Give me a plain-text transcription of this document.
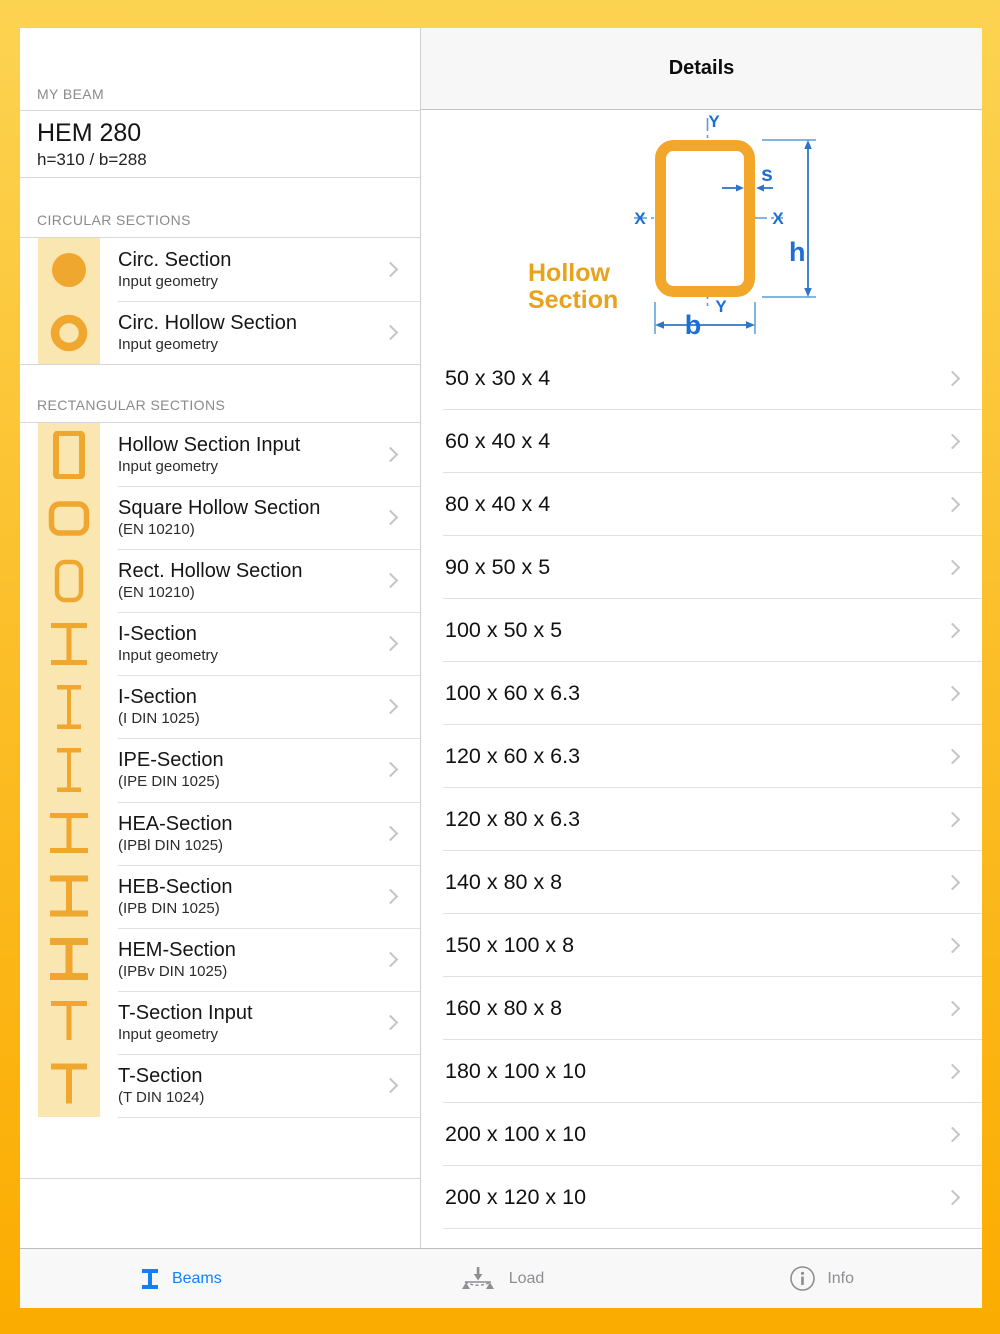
MY BEAM
HEM 280
h=310 / b=288
CIRCULAR SECTIONS
Circ. Section
Input geometry
Circ. Hollow Section
Input geometry
RECTANGULAR SECTIONS
Hollow Section Input
Input geometry
Square Hollow Section
(EN 10210)
Rect. Hollow Section
(EN 10210)
I-Section
Input geometry
I-Section
(I DIN 1025)
IPE-Section
(IPE DIN 1025)
HEA-Section
(IPBl DIN 1025)
HEB-Section
(IPB DIN 1025)
HEM-Section
(IPBv DIN 1025)
T-Section Input
Input geometry
T-Section
(T DIN 1024)
Details
Y
Y
X	X
s
h
b
Hollow
Section
50 x 30 x 4
60 x 40 x 4
80 x 40 x 4
90 x 50 x 5
100 x 50 x 5
100 x 60 x 6.3
120 x 60 x 6.3
120 x 80 x 6.3
140 x 80 x 8
150 x 100 x 8
160 x 80 x 8
180 x 100 x 10
200 x 100 x 10
200 x 120 x 10
Beams	Load	Info
